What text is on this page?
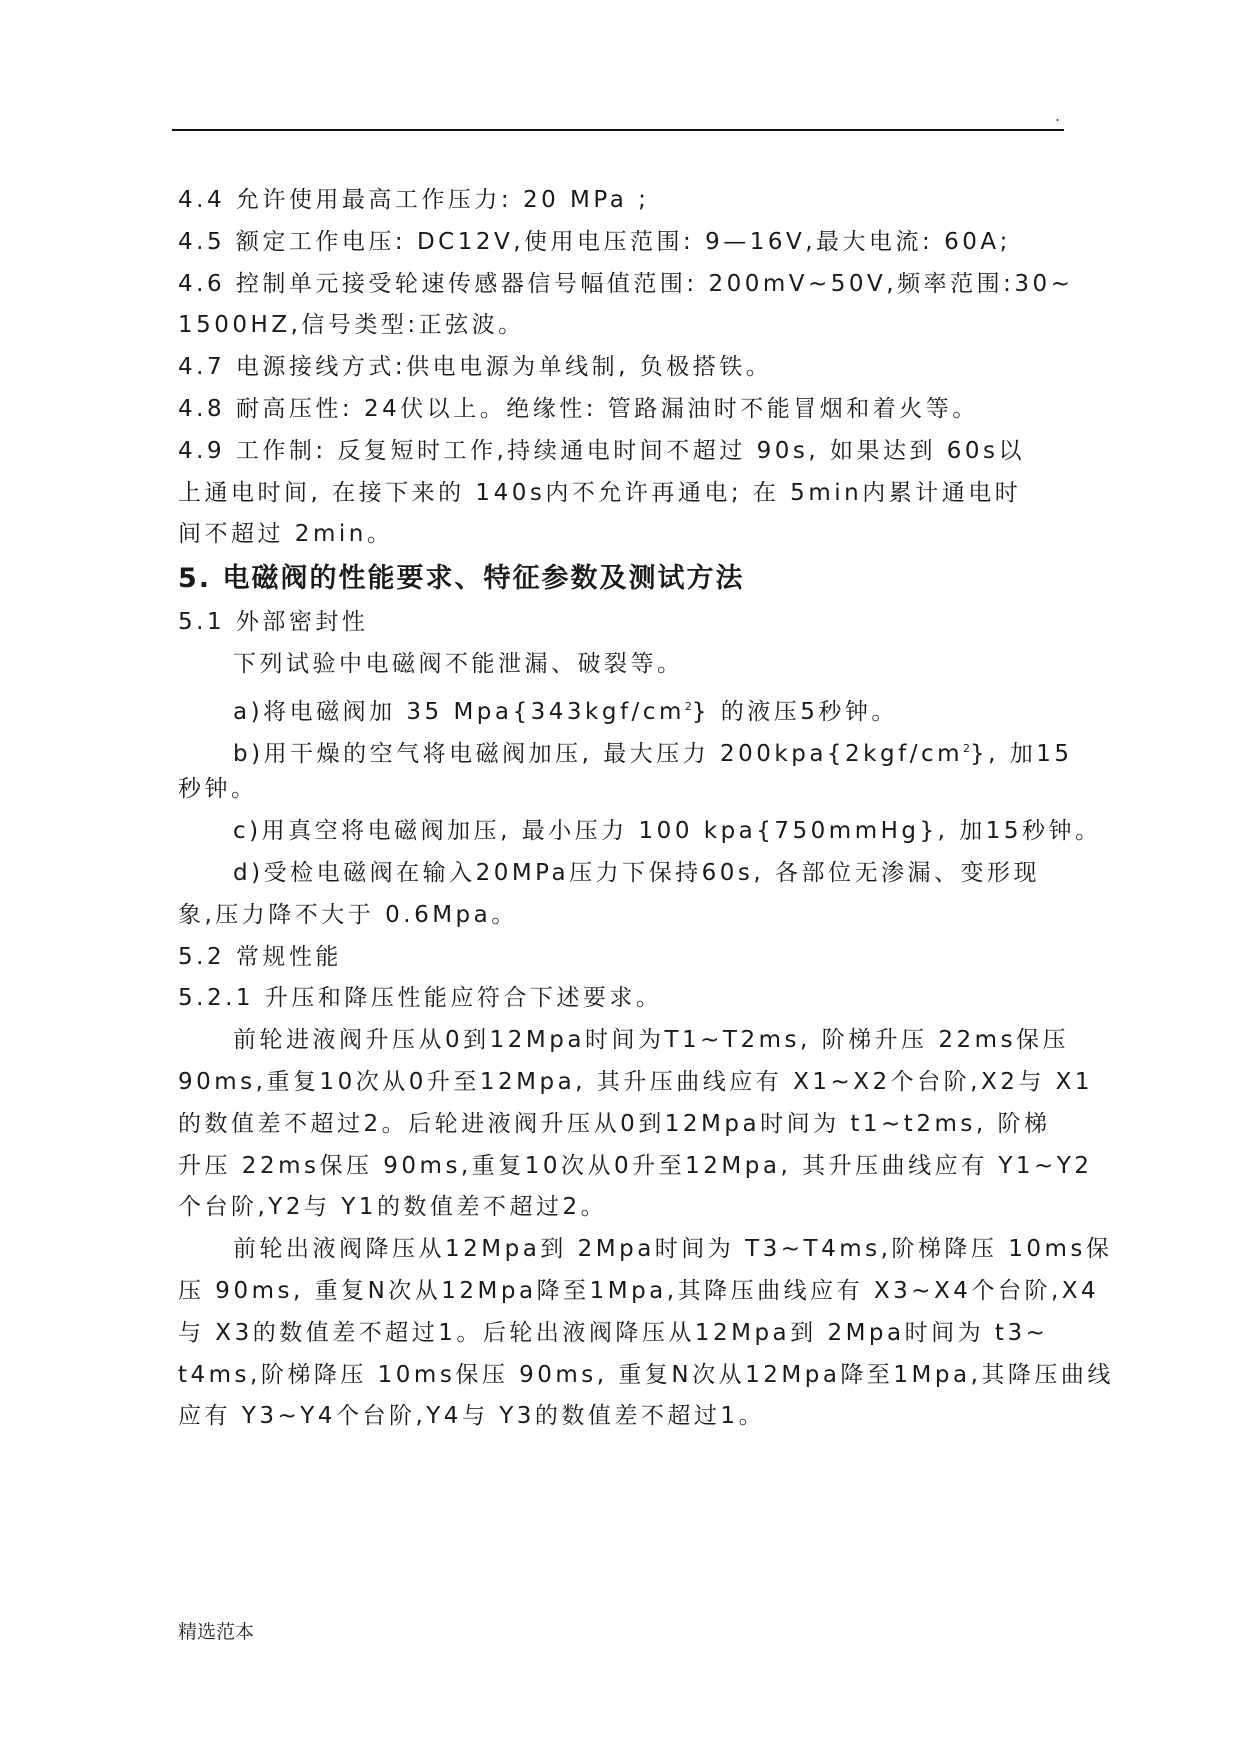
.
4.4 允许使用最高工作压力: 20 MPa ;
4.5 额定工作电压: DC12V,使用电压范围: 9—16V,最大电流: 60A;
4.6 控制单元接受轮速传感器信号幅值范围: 200mV~50V,频率范围:30~
1500HZ,信号类型:正弦波。
4.7 电源接线方式:供电电源为单线制, 负极搭铁。
4.8 耐高压性: 24伏以上。绝缘性: 管路漏油时不能冒烟和着火等。
4.9 工作制: 反复短时工作,持续通电时间不超过 90s, 如果达到 60s以
上通电时间, 在接下来的 140s内不允许再通电; 在 5min内累计通电时
间不超过 2min。
5. 电磁阀的性能要求、特征参数及测试方法
5.1 外部密封性
下列试验中电磁阀不能泄漏、破裂等。
a)将电磁阀加 35 $Mpa\{343kgf/cm^2\}$ 的液压5秒钟。
b)用干燥的空气将电磁阀加压, 最大压力 $200kpa\{2kgf/cm^2\}$, 加15
秒钟。
c)用真空将电磁阀加压, 最小压力 100 kpa{750mmHg}, 加15秒钟。
d)受检电磁阀在输入20MPa压力下保持60s, 各部位无渗漏、变形现
象,压力降不大于 0.6Mpa。
5.2 常规性能
5.2.1 升压和降压性能应符合下述要求。
前轮进液阀升压从0到12Mpa时间为T1~T2ms, 阶梯升压 22ms保压
90ms,重复10次从0升至12Mpa, 其升压曲线应有 X1~X2个台阶,X2与 X1
的数值差不超过2。后轮进液阀升压从0到12Mpa时间为 t1~t2ms, 阶梯
升压 22ms保压 90ms,重复10次从0升至12Mpa, 其升压曲线应有 Y1~Y2
个台阶,Y2与 Y1的数值差不超过2。
前轮出液阀降压从12Mpa到 2Mpa时间为 T3~T4ms,阶梯降压 10ms保
压 90ms, 重复N次从12Mpa降至1Mpa,其降压曲线应有 X3~X4个台阶,X4
与 X3的数值差不超过1。后轮出液阀降压从12Mpa到 2Mpa时间为 t3~
t4ms,阶梯降压 10ms保压 90ms, 重复N次从12Mpa降至1Mpa,其降压曲线
应有 Y3~Y4个台阶,Y4与 Y3的数值差不超过1。
精选范本
